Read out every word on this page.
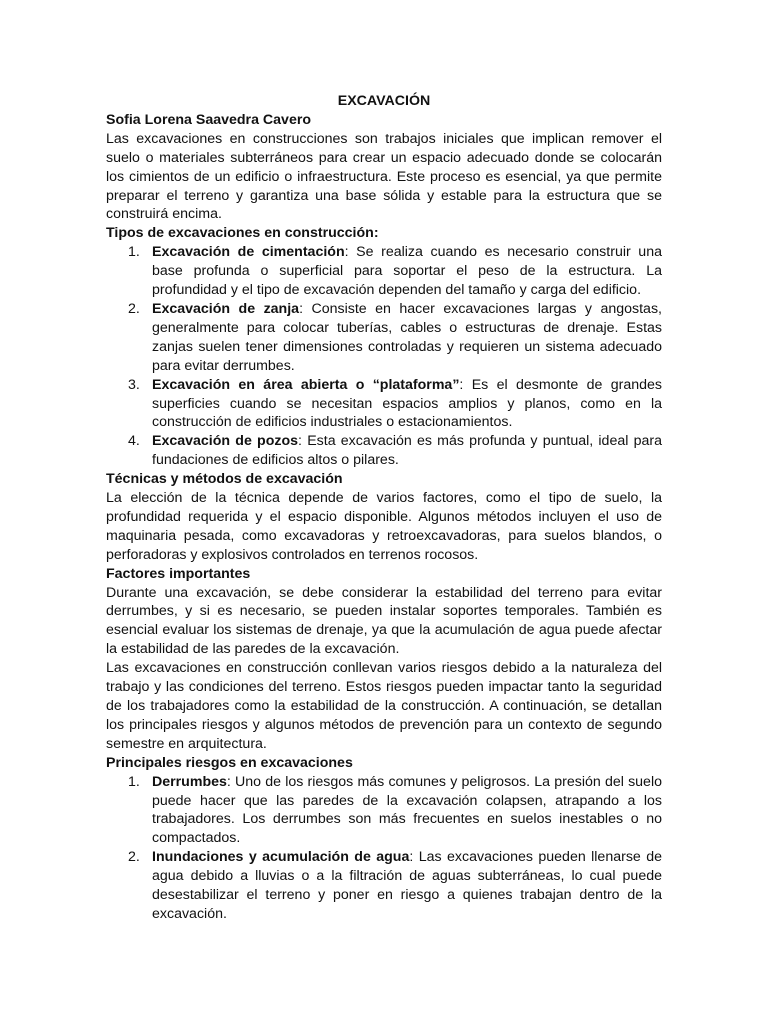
EXCAVACIÓN

Sofia Lorena Saavedra Cavero

Las excavaciones en construcciones son trabajos iniciales que implican remover el suelo o materiales subterráneos para crear un espacio adecuado donde se colocarán los cimientos de un edificio o infraestructura. Este proceso es esencial, ya que permite preparar el terreno y garantiza una base sólida y estable para la estructura que se construirá encima.

Tipos de excavaciones en construcción:

1. Excavación de cimentación: Se realiza cuando es necesario construir una base profunda o superficial para soportar el peso de la estructura. La profundidad y el tipo de excavación dependen del tamaño y carga del edificio.
2. Excavación de zanja: Consiste en hacer excavaciones largas y angostas, generalmente para colocar tuberías, cables o estructuras de drenaje. Estas zanjas suelen tener dimensiones controladas y requieren un sistema adecuado para evitar derrumbes.
3. Excavación en área abierta o “plataforma”: Es el desmonte de grandes superficies cuando se necesitan espacios amplios y planos, como en la construcción de edificios industriales o estacionamientos.
4. Excavación de pozos: Esta excavación es más profunda y puntual, ideal para fundaciones de edificios altos o pilares.

Técnicas y métodos de excavación

La elección de la técnica depende de varios factores, como el tipo de suelo, la profundidad requerida y el espacio disponible. Algunos métodos incluyen el uso de maquinaria pesada, como excavadoras y retroexcavadoras, para suelos blandos, o perforadoras y explosivos controlados en terrenos rocosos.

Factores importantes

Durante una excavación, se debe considerar la estabilidad del terreno para evitar derrumbes, y si es necesario, se pueden instalar soportes temporales. También es esencial evaluar los sistemas de drenaje, ya que la acumulación de agua puede afectar la estabilidad de las paredes de la excavación.

Las excavaciones en construcción conllevan varios riesgos debido a la naturaleza del trabajo y las condiciones del terreno. Estos riesgos pueden impactar tanto la seguridad de los trabajadores como la estabilidad de la construcción. A continuación, se detallan los principales riesgos y algunos métodos de prevención para un contexto de segundo semestre en arquitectura.

Principales riesgos en excavaciones

1. Derrumbes: Uno de los riesgos más comunes y peligrosos. La presión del suelo puede hacer que las paredes de la excavación colapsen, atrapando a los trabajadores. Los derrumbes son más frecuentes en suelos inestables o no compactados.
2. Inundaciones y acumulación de agua: Las excavaciones pueden llenarse de agua debido a lluvias o a la filtración de aguas subterráneas, lo cual puede desestabilizar el terreno y poner en riesgo a quienes trabajan dentro de la excavación.
